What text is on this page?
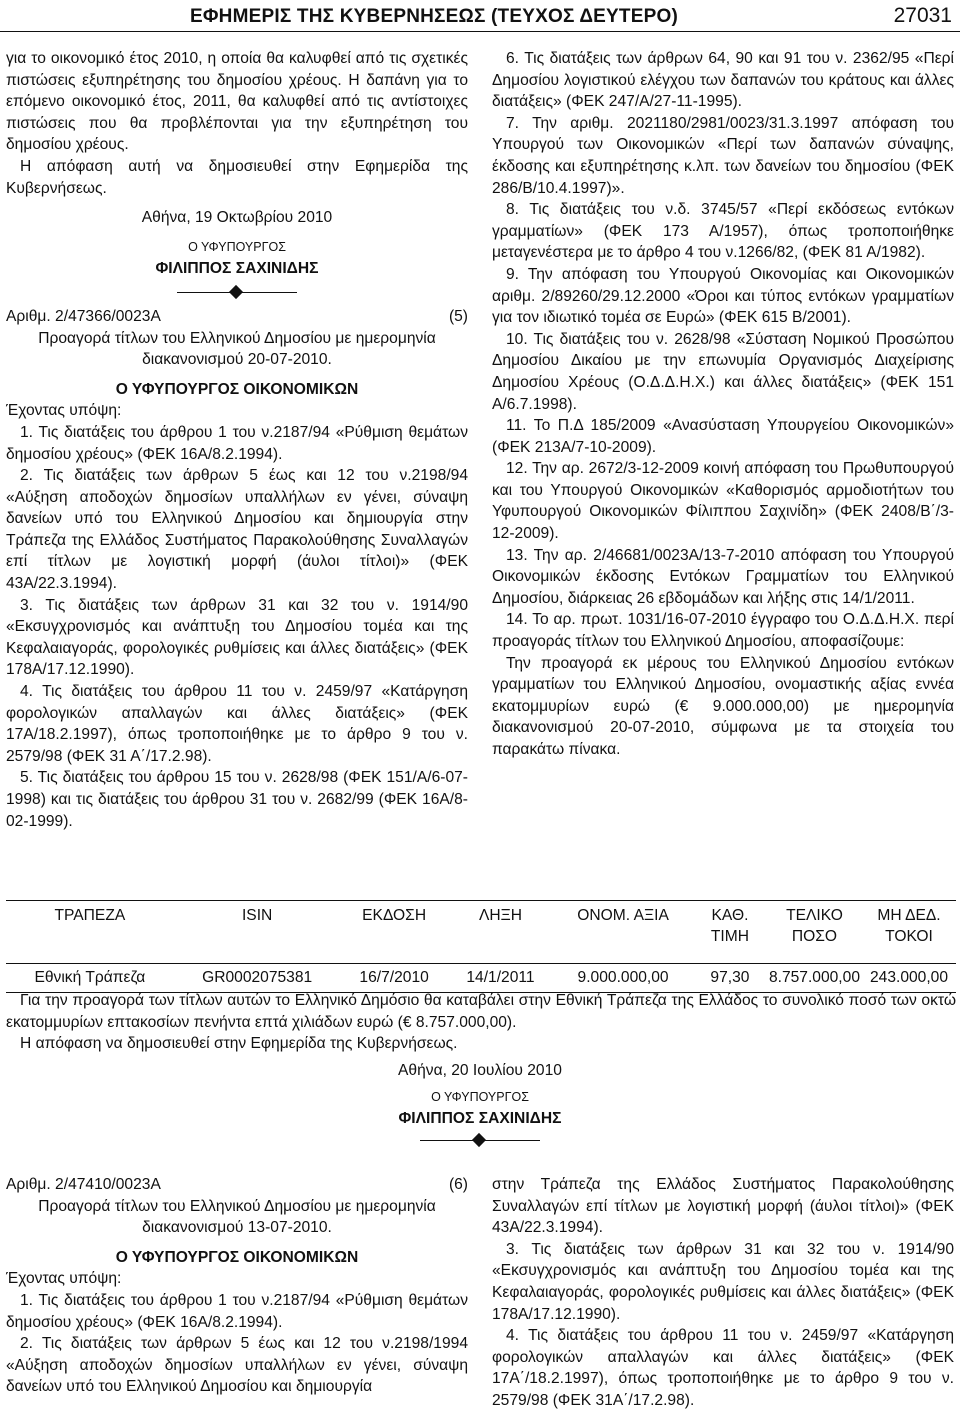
ΕΦΗΜΕΡΙΣ ΤΗΣ ΚΥΒΕΡΝΗΣΕΩΣ (ΤΕΥΧΟΣ ΔΕΥΤΕΡΟ)	27031

για το οικονομικό έτος 2010, η οποία θα καλυφθεί από τις σχετικές πιστώσεις εξυπηρέτησης του δημοσίου χρέους. Η δαπάνη για το επόμενο οικονομικό έτος, 2011, θα καλυφθεί από τις αντίστοιχες πιστώσεις που θα προβλέπονται για την εξυπηρέτηση του δημοσίου χρέους.

Η απόφαση αυτή να δημοσιευθεί στην Εφημερίδα της Κυβερνήσεως.

Αθήνα, 19 Οκτωβρίου 2010

Ο ΥΦΥΠΟΥΡΓΟΣ

ΦΙΛΙΠΠΟΣ ΣΑΧΙΝΙΔΗΣ

Αριθμ. 2/47366/0023Α	(5)

Προαγορά τίτλων του Ελληνικού Δημοσίου με ημερομηνία διακανονισμού 20-07-2010.

Ο ΥΦΥΠΟΥΡΓΟΣ ΟΙΚΟΝΟΜΙΚΩΝ

Έχοντας υπόψη:

1. Τις διατάξεις του άρθρου 1 του ν.2187/94 «Ρύθμιση θεμάτων δημοσίου χρέους» (ΦΕΚ 16Α/8.2.1994).

2. Τις διατάξεις των άρθρων 5 έως και 12 του ν.2198/94 «Αύξηση αποδοχών δημοσίων υπαλλήλων εν γένει, σύναψη δανείων υπό του Ελληνικού Δημοσίου και δημιουργία στην Τράπεζα της Ελλάδος Συστήματος Παρακολούθησης Συναλλαγών επί τίτλων με λογιστική μορφή (άυλοι τίτλοι)» (ΦΕΚ 43Α/22.3.1994).

3. Τις διατάξεις των άρθρων 31 και 32 του ν. 1914/90 «Εκσυγχρονισμός και ανάπτυξη του Δημοσίου τομέα και της Κεφαλαιαγοράς, φορολογικές ρυθμίσεις και άλλες διατάξεις» (ΦΕΚ 178Α/17.12.1990).

4. Τις διατάξεις του άρθρου 11 του ν. 2459/97 «Κατάργηση φορολογικών απαλλαγών και άλλες διατάξεις» (ΦΕΚ 17Α/18.2.1997), όπως τροποποιήθηκε με το άρθρο 9 του ν. 2579/98 (ΦΕΚ 31 Α΄/17.2.98).

5. Τις διατάξεις του άρθρου 15 του ν. 2628/98 (ΦΕΚ 151/Α/6-07-1998) και τις διατάξεις του άρθρου 31 του ν. 2682/99 (ΦΕΚ 16Α/8-02-1999).

6. Τις διατάξεις των άρθρων 64, 90 και 91 του ν. 2362/95 «Περί Δημοσίου λογιστικού ελέγχου των δαπανών του κράτους και άλλες διατάξεις» (ΦΕΚ 247/Α/27-11-1995).

7. Την αριθμ. 2021180/2981/0023/31.3.1997 απόφαση του Υπουργού των Οικονομικών «Περί των δαπανών σύναψης, έκδοσης και εξυπηρέτησης κ.λπ. των δανείων του δημοσίου (ΦΕΚ 286/Β/10.4.1997)».

8. Τις διατάξεις του ν.δ. 3745/57 «Περί εκδόσεως εντόκων γραμματίων» (ΦΕΚ 173 Α/1957), όπως τροποποιήθηκε μεταγενέστερα με το άρθρο 4 του ν.1266/82, (ΦΕΚ 81 Α/1982).

9. Την απόφαση του Υπουργού Οικονομίας και Οικονομικών αριθμ. 2/89260/29.12.2000 «Όροι και τύπος εντόκων γραμματίων για τον ιδιωτικό τομέα σε Ευρώ» (ΦΕΚ 615 Β/2001).

10. Τις διατάξεις του ν. 2628/98 «Σύσταση Νομικού Προσώπου Δημοσίου Δικαίου με την επωνυμία Οργανισμός Διαχείρισης Δημοσίου Χρέους (Ο.Δ.Δ.Η.Χ.) και άλλες διατάξεις» (ΦΕΚ 151 Α/6.7.1998).

11. Το Π.Δ 185/2009 «Ανασύσταση Υπουργείου Οικονομικών» (ΦΕΚ 213Α/7-10-2009).

12. Την αρ. 2672/3-12-2009 κοινή απόφαση του Πρωθυπουργού και του Υπουργού Οικονομικών «Καθορισμός αρμοδιοτήτων του Υφυπουργού Οικονομικών Φίλιππου Σαχινίδη» (ΦΕΚ 2408/Β΄/3-12-2009).

13. Την αρ. 2/46681/0023Α/13-7-2010 απόφαση του Υπουργού Οικονομικών έκδοσης Εντόκων Γραμματίων του Ελληνικού Δημοσίου, διάρκειας 26 εβδομάδων και λήξης στις 14/1/2011.

14. Το αρ. πρωτ. 1031/16-07-2010 έγγραφο του Ο.Δ.Δ.Η.Χ. περί προαγοράς τίτλων του Ελληνικού Δημοσίου, αποφασίζουμε:

Την προαγορά εκ μέρους του Ελληνικού Δημοσίου εντόκων γραμματίων του Ελληνικού Δημοσίου, ονομαστικής αξίας εννέα εκατομμυρίων ευρώ (€ 9.000.000,00) με ημερομηνία διακανονισμού 20-07-2010, σύμφωνα με τα στοιχεία του παρακάτω πίνακα.

ΤΡΑΠΕΖΑ	ISIN	ΕΚΔΟΣΗ	ΛΗΞΗ	ΟΝΟΜ. ΑΞΙΑ	ΚΑΘ. ΤΙΜΗ	ΤΕΛΙΚΟ ΠΟΣΟ	ΜΗ ΔΕΔ. ΤΟΚΟΙ
Εθνική Τράπεζα	GR0002075381	16/7/2010	14/1/2011	9.000.000,00	97,30	8.757.000,00	243.000,00

Για την προαγορά των τίτλων αυτών το Ελληνικό Δημόσιο θα καταβάλει στην Εθνική Τράπεζα της Ελλάδος το συνολικό ποσό των οκτώ εκατομμυρίων επτακοσίων πενήντα επτά χιλιάδων ευρώ (€ 8.757.000,00).

Η απόφαση να δημοσιευθεί στην Εφημερίδα της Κυβερνήσεως.

Αθήνα, 20 Ιουλίου 2010
Ο ΥΦΥΠΟΥΡΓΟΣ
ΦΙΛΙΠΠΟΣ ΣΑΧΙΝΙΔΗΣ
Αριθμ. 2/47410/0023Α	(6)

Προαγορά τίτλων του Ελληνικού Δημοσίου με ημερομηνία διακανονισμού 13-07-2010.

Ο ΥΦΥΠΟΥΡΓΟΣ ΟΙΚΟΝΟΜΙΚΩΝ

Έχοντας υπόψη:

1. Τις διατάξεις του άρθρου 1 του ν.2187/94 «Ρύθμιση θεμάτων δημοσίου χρέους» (ΦΕΚ 16Α/8.2.1994).

2. Τις διατάξεις των άρθρων 5 έως και 12 του ν.2198/1994 «Αύξηση αποδοχών δημοσίων υπαλλήλων εν γένει, σύναψη δανείων υπό του Ελληνικού Δημοσίου και δημιουργία

στην Τράπεζα της Ελλάδος Συστήματος Παρακολούθησης Συναλλαγών επί τίτλων με λογιστική μορφή (άυλοι τίτλοι)» (ΦΕΚ 43Α/22.3.1994).

3. Τις διατάξεις των άρθρων 31 και 32 του ν. 1914/90 «Εκσυγχρονισμός και ανάπτυξη του Δημοσίου τομέα και της Κεφαλαιαγοράς, φορολογικές ρυθμίσεις και άλλες διατάξεις» (ΦΕΚ 178Α/17.12.1990).

4. Τις διατάξεις του άρθρου 11 του ν. 2459/97 «Κατάργηση φορολογικών απαλλαγών και άλλες διατάξεις» (ΦΕΚ 17Α΄/18.2.1997), όπως τροποποιήθηκε με το άρθρο 9 του ν. 2579/98 (ΦΕΚ 31Α΄/17.2.98).
